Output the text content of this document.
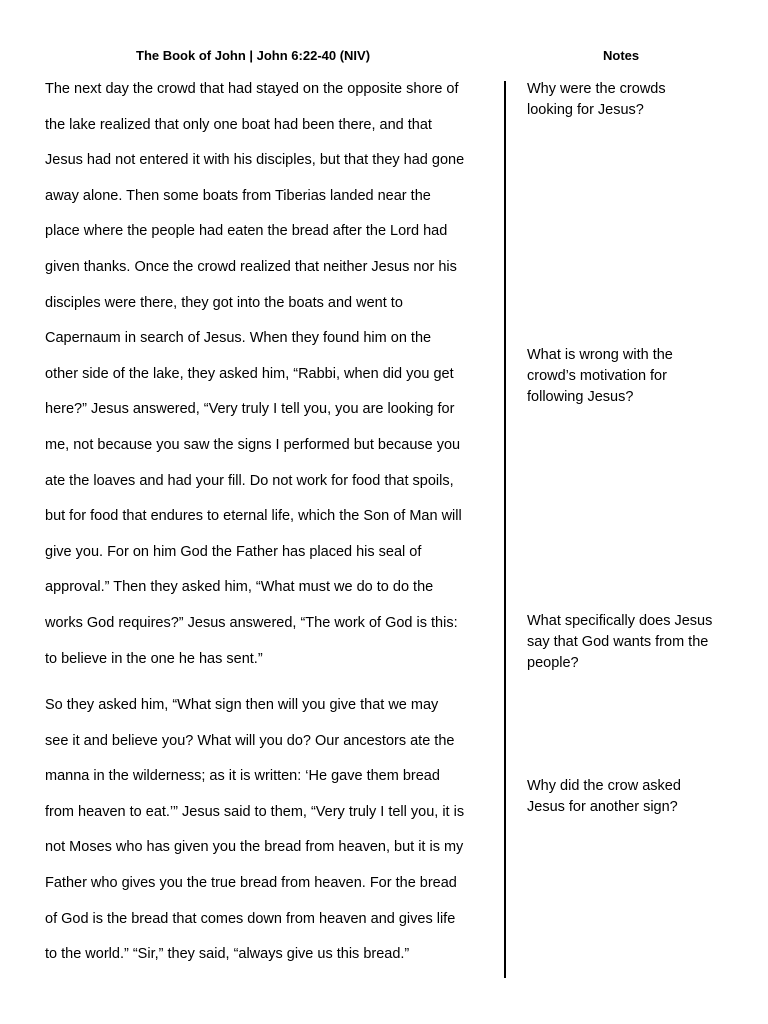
The Book of John | John 6:22-40 (NIV)	Notes
The next day the crowd that had stayed on the opposite shore of
the lake realized that only one boat had been there, and that
Jesus had not entered it with his disciples, but that they had gone
away alone. Then some boats from Tiberias landed near the
place where the people had eaten the bread after the Lord had
given thanks. Once the crowd realized that neither Jesus nor his
disciples were there, they got into the boats and went to
Capernaum in search of Jesus. When they found him on the
other side of the lake, they asked him, “Rabbi, when did you get
here?” Jesus answered, “Very truly I tell you, you are looking for
me, not because you saw the signs I performed but because you
ate the loaves and had your fill. Do not work for food that spoils,
but for food that endures to eternal life, which the Son of Man will
give you. For on him God the Father has placed his seal of
approval.” Then they asked him, “What must we do to do the
works God requires?” Jesus answered, “The work of God is this:
to believe in the one he has sent.”
So they asked him, “What sign then will you give that we may
see it and believe you? What will you do? Our ancestors ate the
manna in the wilderness; as it is written: ‘He gave them bread
from heaven to eat.’” Jesus said to them, “Very truly I tell you, it is
not Moses who has given you the bread from heaven, but it is my
Father who gives you the true bread from heaven. For the bread
of God is the bread that comes down from heaven and gives life
to the world.” “Sir,” they said, “always give us this bread.”
Why were the crowds
looking for Jesus?
What is wrong with the
crowd’s motivation for
following Jesus?
What specifically does Jesus
say that God wants from the
people?
Why did the crow asked
Jesus for another sign?
